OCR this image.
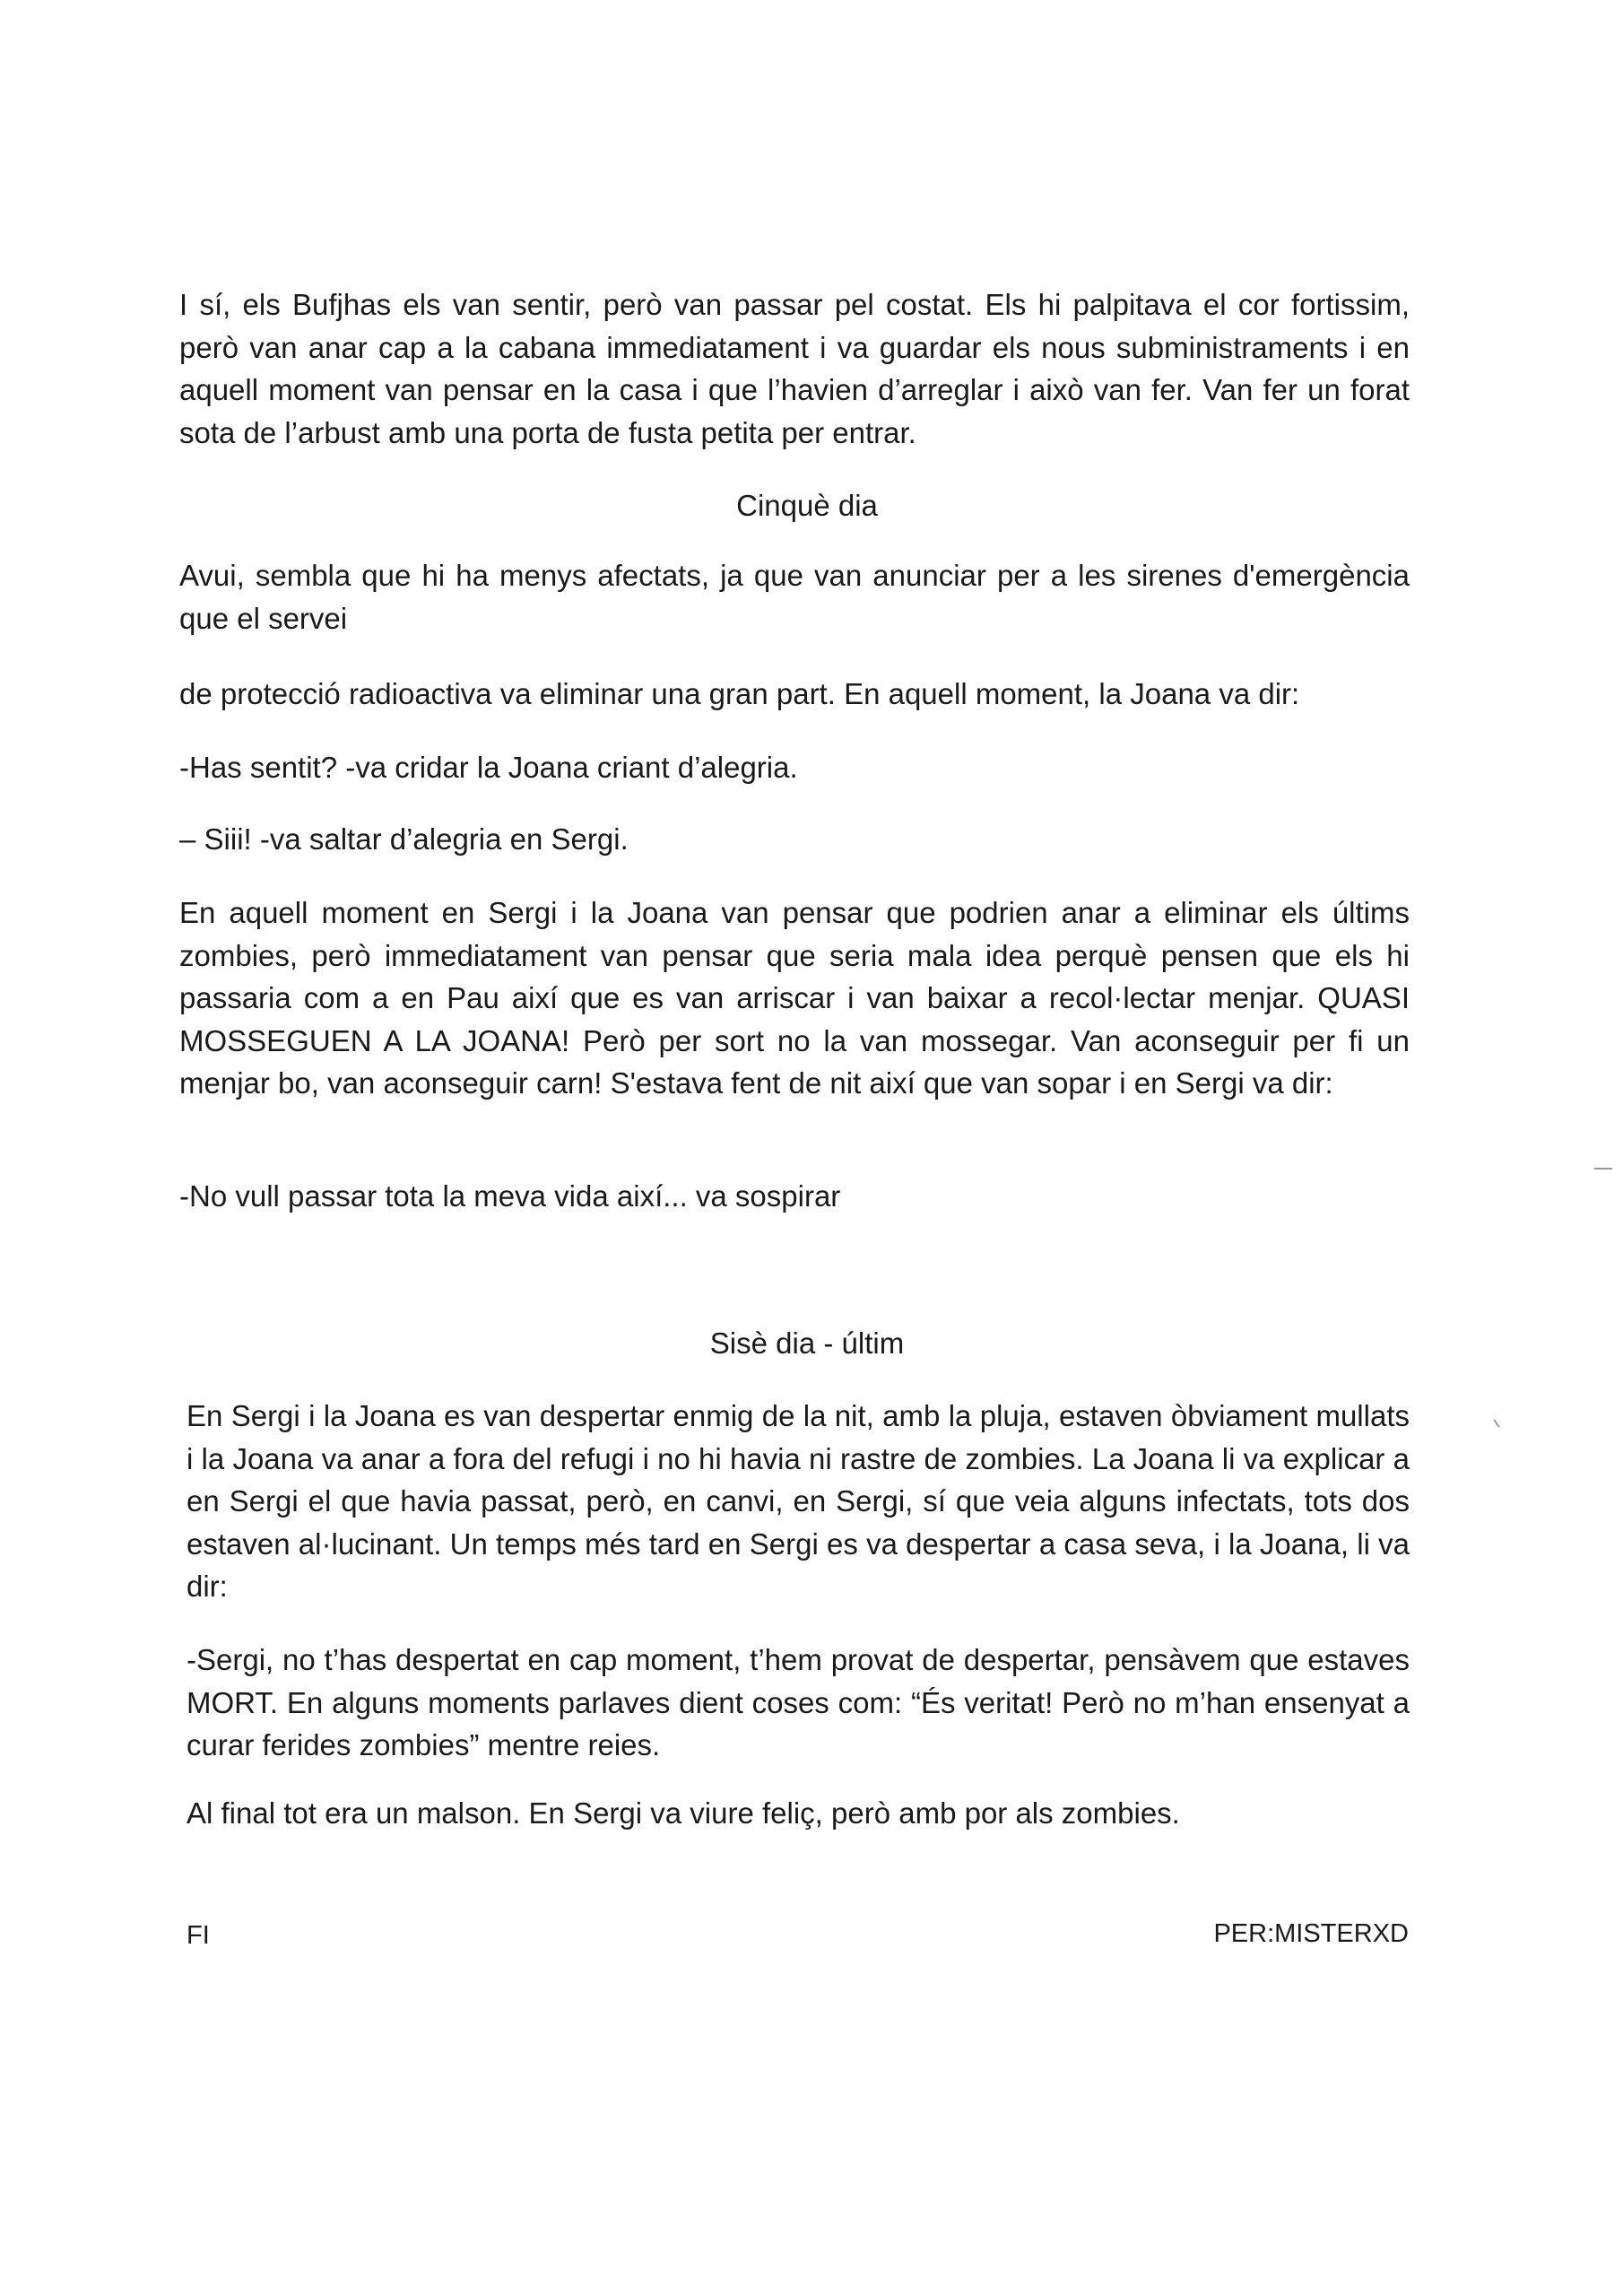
I sí, els Bufjhas els van sentir, però van passar pel costat. Els hi palpitava el cor fortissim, però van anar cap a la cabana immediatament i va guardar els nous subministraments i en aquell moment van pensar en la casa i que l’havien d’arreglar i això van fer. Van fer un forat sota de l’arbust amb una porta de fusta petita per entrar.

Cinquè dia

Avui, sembla que hi ha menys afectats, ja que van anunciar per a les sirenes d'emergència que el servei

de protecció radioactiva va eliminar una gran part. En aquell moment, la Joana va dir:

-Has sentit? -va cridar la Joana criant d’alegria.

– Siii! -va saltar d’alegria en Sergi.

En aquell moment en Sergi i la Joana van pensar que podrien anar a eliminar els últims zombies, però immediatament van pensar que seria mala idea perquè pensen que els hi passaria com a en Pau així que es van arriscar i van baixar a recol·lectar menjar. QUASI MOSSEGUEN A LA JOANA! Però per sort no la van mossegar. Van aconseguir per fi un menjar bo, van aconseguir carn! S'estava fent de nit així que van sopar i en Sergi va dir:

-No vull passar tota la meva vida així... va sospirar

Sisè dia - últim

En Sergi i la Joana es van despertar enmig de la nit, amb la pluja, estaven òbviament mullats i la Joana va anar a fora del refugi i no hi havia ni rastre de zombies. La Joana li va explicar a en Sergi el que havia passat, però, en canvi, en Sergi, sí que veia alguns infectats, tots dos estaven al·lucinant. Un temps més tard en Sergi es va despertar a casa seva, i la Joana, li va dir:

-Sergi, no t’has despertat en cap moment, t’hem provat de despertar, pensàvem que estaves MORT. En alguns moments parlaves dient coses com: “És veritat! Però no m’han ensenyat a curar ferides zombies” mentre reies.

Al final tot era un malson. En Sergi va viure feliç, però amb por als zombies.

FI	PER:MISTERXD
